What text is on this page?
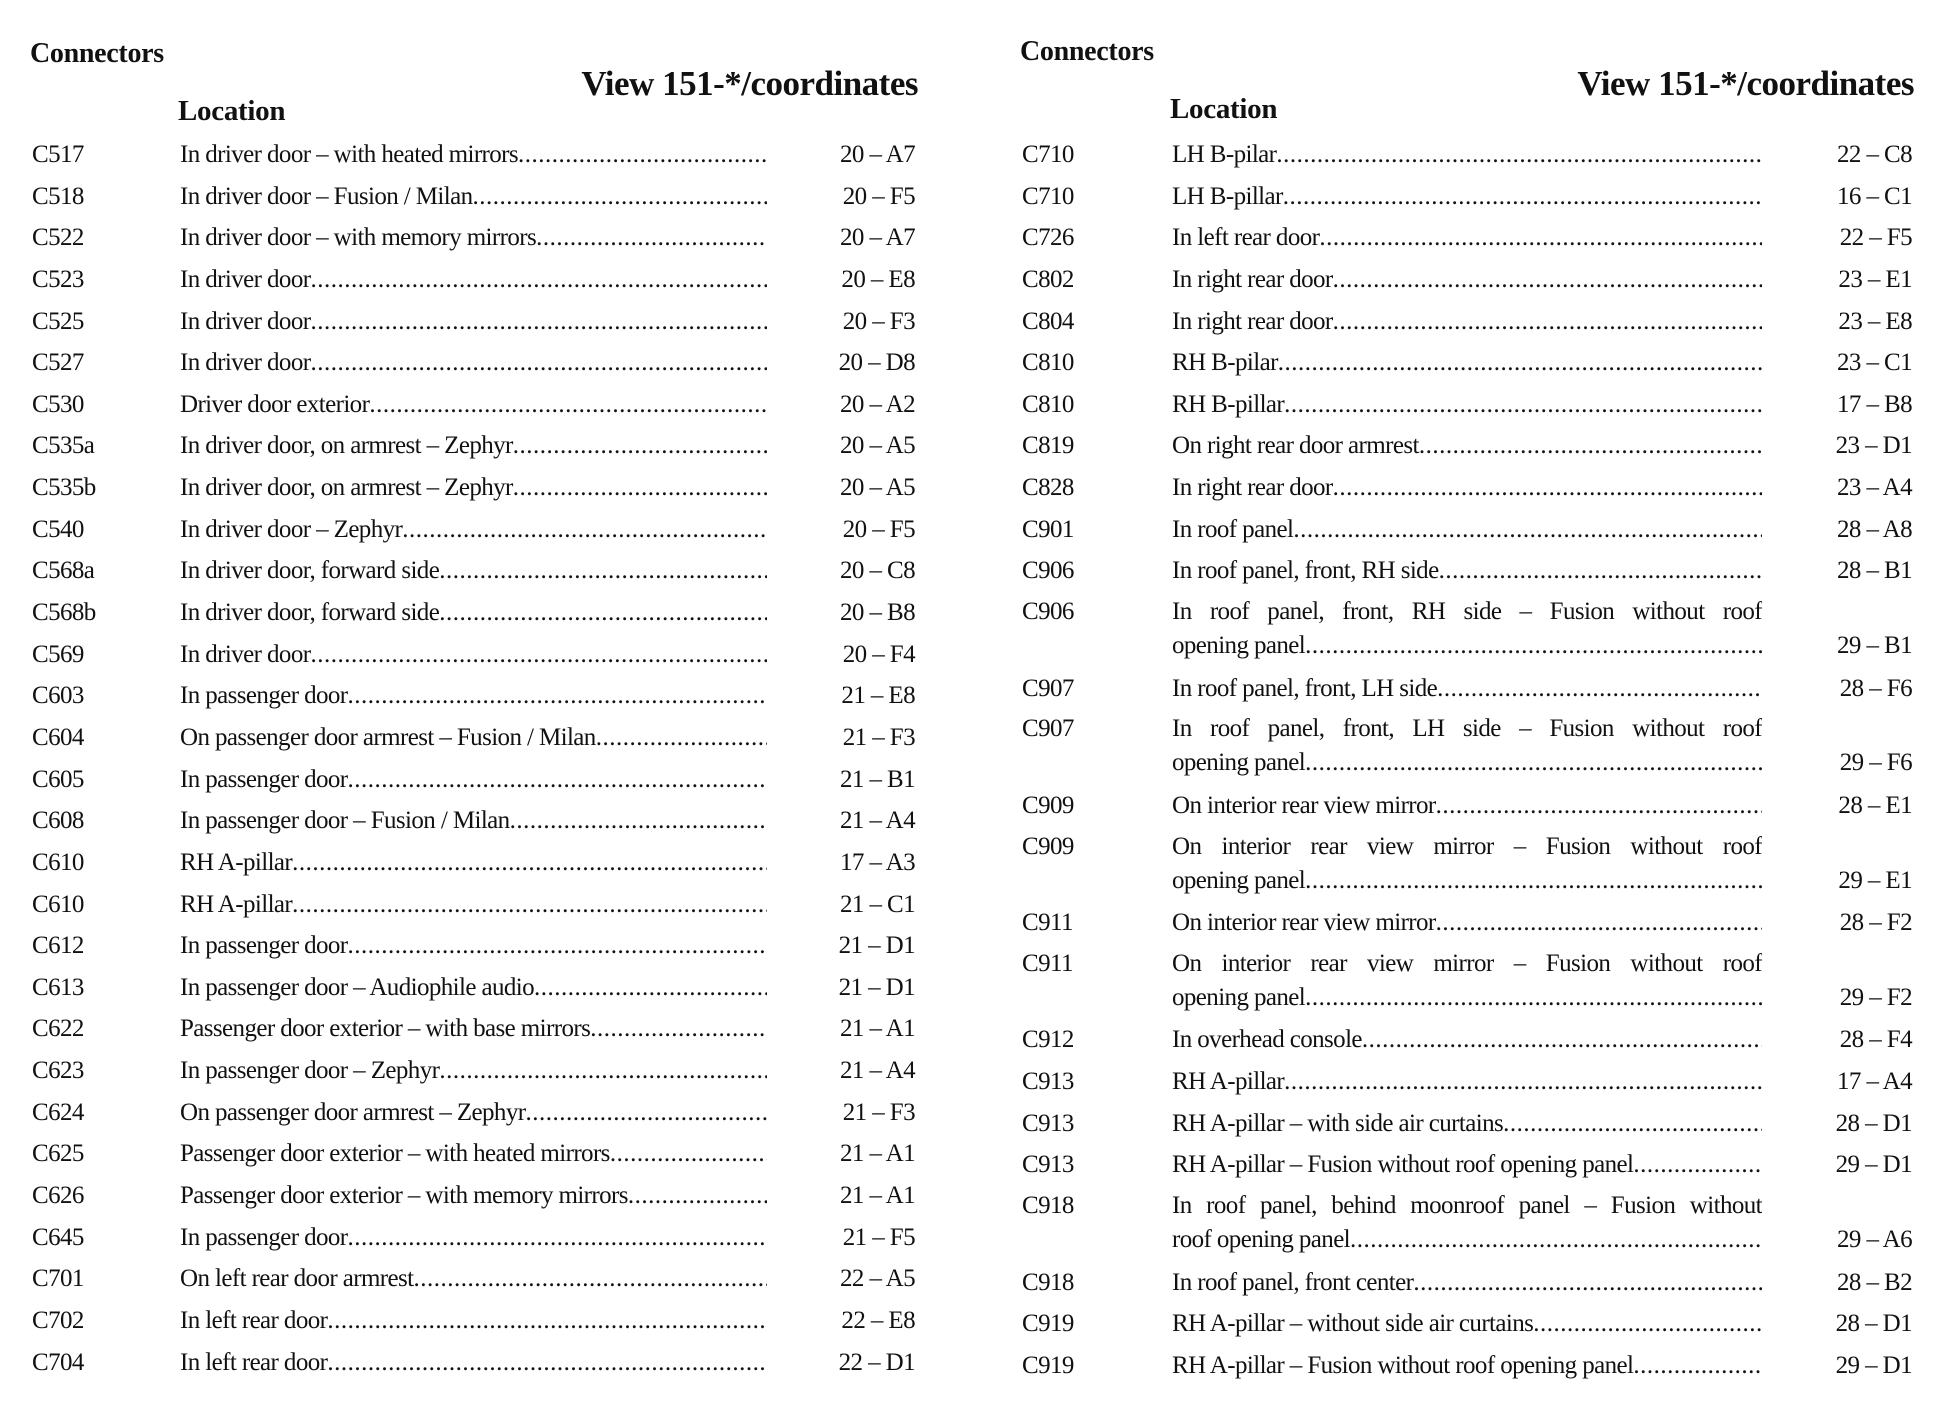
Connectors
View 151-*/coordinates
Location
C517	In driver door – with heated mirrors .....	20 – A7
C518	In driver door – Fusion / Milan .....	20 – F5
C522	In driver door – with memory mirrors .....	20 – A7
C523	In driver door .....	20 – E8
C525	In driver door .....	20 – F3
C527	In driver door .....	20 – D8
C530	Driver door exterior .....	20 – A2
C535a	In driver door, on armrest – Zephyr .....	20 – A5
C535b	In driver door, on armrest – Zephyr .....	20 – A5
C540	In driver door – Zephyr .....	20 – F5
C568a	In driver door, forward side .....	20 – C8
C568b	In driver door, forward side .....	20 – B8
C569	In driver door .....	20 – F4
C603	In passenger door .....	21 – E8
C604	On passenger door armrest – Fusion / Milan .....	21 – F3
C605	In passenger door .....	21 – B1
C608	In passenger door – Fusion / Milan .....	21 – A4
C610	RH A-pillar .....	17 – A3
C610	RH A-pillar .....	21 – C1
C612	In passenger door .....	21 – D1
C613	In passenger door – Audiophile audio .....	21 – D1
C622	Passenger door exterior – with base mirrors .....	21 – A1
C623	In passenger door – Zephyr .....	21 – A4
C624	On passenger door armrest – Zephyr .....	21 – F3
C625	Passenger door exterior – with heated mirrors .....	21 – A1
C626	Passenger door exterior – with memory mirrors .....	21 – A1
C645	In passenger door .....	21 – F5
C701	On left rear door armrest .....	22 – A5
C702	In left rear door .....	22 – E8
C704	In left rear door .....	22 – D1
Connectors
View 151-*/coordinates
Location
C710	LH B-pilar .....	22 – C8
C710	LH B-pillar .....	16 – C1
C726	In left rear door .....	22 – F5
C802	In right rear door .....	23 – E1
C804	In right rear door .....	23 – E8
C810	RH B-pilar .....	23 – C1
C810	RH B-pillar .....	17 – B8
C819	On right rear door armrest .....	23 – D1
C828	In right rear door .....	23 – A4
C901	In roof panel .....	28 – A8
C906	In roof panel, front, RH side .....	28 – B1
C906	In roof panel, front, RH side – Fusion without roof
opening panel .....	29 – B1
C907	In roof panel, front, LH side .....	28 – F6
C907	In roof panel, front, LH side – Fusion without roof
opening panel .....	29 – F6
C909	On interior rear view mirror .....	28 – E1
C909	On interior rear view mirror – Fusion without roof
opening panel .....	29 – E1
C911	On interior rear view mirror .....	28 – F2
C911	On interior rear view mirror – Fusion without roof
opening panel .....	29 – F2
C912	In overhead console .....	28 – F4
C913	RH A-pillar .....	17 – A4
C913	RH A-pillar – with side air curtains .....	28 – D1
C913	RH A-pillar – Fusion without roof opening panel .....	29 – D1
C918	In roof panel, behind moonroof panel – Fusion without
roof opening panel .....	29 – A6
C918	In roof panel, front center .....	28 – B2
C919	RH A-pillar – without side air curtains .....	28 – D1
C919	RH A-pillar – Fusion without roof opening panel .....	29 – D1
